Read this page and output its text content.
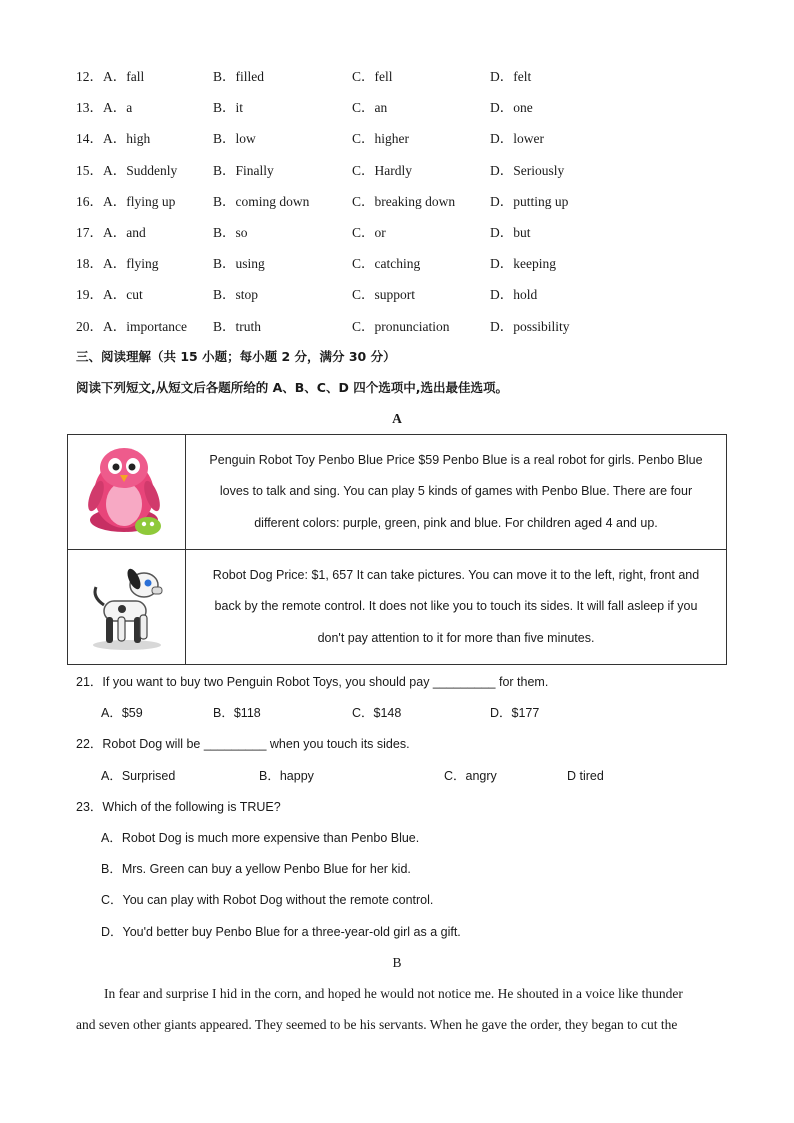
12． A．fall	B．filled	C．fell	D．felt
13． A．a	B．it	C．an	D．one
14． A．high	B．low	C．higher	D．lower
15． A．Suddenly	B．Finally	C．Hardly	D．Seriously
16． A．flying up	B．coming down	C．breaking down	D．putting up
17． A．and	B．so	C．or	D．but
18． A．flying	B．using	C．catching	D．keeping
19． A．cut	B．stop	C．support	D．hold
20． A．importance B．truth	C．pronunciation	D．possibility
三、阅读理解（共 15 小题；每小题 2 分，满分 30 分）
阅读下列短文,从短文后各题所给的 A、B、C、D 四个选项中,选出最佳选项。
A

Penguin Robot Toy Penbo Blue Price $59 Penbo Blue is a real robot for girls. Penbo Blue
loves to talk and sing. You can play 5 kinds of games with Penbo Blue. There are four
different colors: purple, green, pink and blue. For children aged 4 and up.

Robot Dog Price: $1, 657 It can take pictures. You can move it to the left, right, front and
back by the remote control. It does not like you to touch its sides. It will fall asleep if you
don't pay attention to it for more than five minutes.
21．If you want to buy two Penguin Robot Toys, you should pay _________ for them.
A．$59	B．$118	C．$148	D．$177
22．Robot Dog will be _________ when you touch its sides.
A．Surprised	B．happy	C．angry	D tired
23．Which of the following is TRUE?
A．Robot Dog is much more expensive than Penbo Blue.
B．Mrs. Green can buy a yellow Penbo Blue for her kid.
C．You can play with Robot Dog without the remote control.
D．You'd better buy Penbo Blue for a three-year-old girl as a gift.
B
In fear and surprise I hid in the corn, and hoped he would not notice me. He shouted in a voice like thunder
and seven other giants appeared. They seemed to be his servants. When he gave the order, they began to cut the
